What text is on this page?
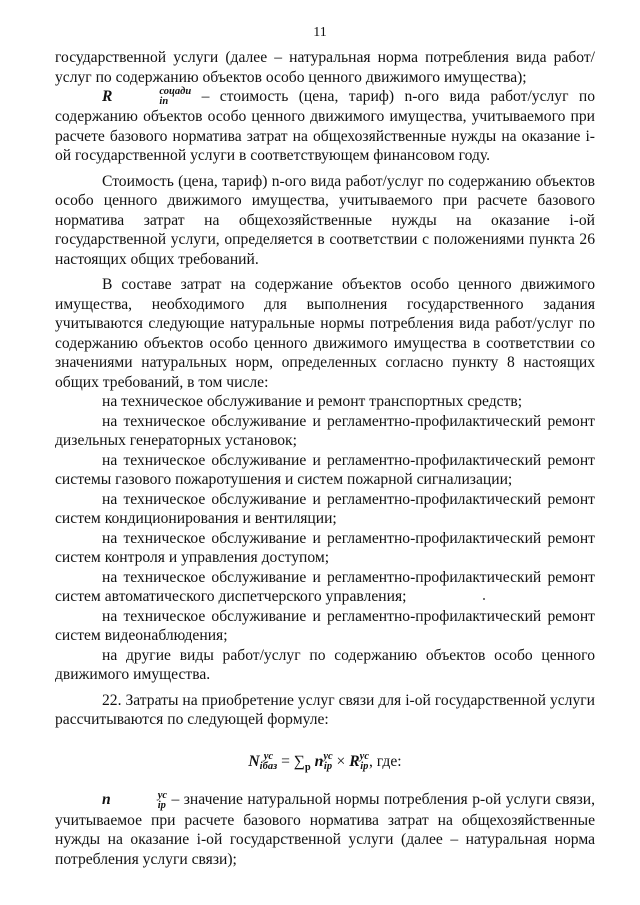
11

государственной услуги (далее – натуральная норма потребления вида работ/услуг по содержанию объектов особо ценного движимого имущества);

R	соцади
in	– стоимость (цена, тариф) n-ого вида работ/услуг по содержанию объектов особо ценного движимого имущества, учитываемого при расчете базового норматива затрат на общехозяйственные нужды на оказание i-ой государственной услуги в соответствующем финансовом году.

Стоимость (цена, тариф) n-ого вида работ/услуг по содержанию объектов особо ценного движимого имущества, учитываемого при расчете базового норматива затрат на общехозяйственные нужды на оказание i-ой государственной услуги, определяется в соответствии с положениями пункта 26 настоящих общих требований.

В составе затрат на содержание объектов особо ценного движимого имущества, необходимого для выполнения государственного задания учитываются следующие натуральные нормы потребления вида работ/услуг по содержанию объектов особо ценного движимого имущества в соответствии со значениями натуральных норм, определенных согласно пункту 8 настоящих общих требований, в том числе:

на техническое обслуживание и ремонт транспортных средств;

на техническое обслуживание и регламентно-профилактический ремонт дизельных генераторных установок;

на техническое обслуживание и регламентно-профилактический ремонт системы газового пожаротушения и систем пожарной сигнализации;

на техническое обслуживание и регламентно-профилактический ремонт систем кондиционирования и вентиляции;

на техническое обслуживание и регламентно-профилактический ремонт систем контроля и управления доступом;

на техническое обслуживание и регламентно-профилактический ремонт систем автоматического диспетчерского управления;

на техническое обслуживание и регламентно-профилактический ремонт систем видеонаблюдения;

на другие виды работ/услуг по содержанию объектов особо ценного движимого имущества.

22. Затраты на приобретение услуг связи для i-ой государственной услуги рассчитываются по следующей формуле:

N ус
iбаз = $\sum_p$ n ус
ip × R ус
ip , где:

n	ус
ip – значение натуральной нормы потребления p-ой услуги связи, учитываемое при расчете базового норматива затрат на общехозяйственные нужды на оказание i-ой государственной услуги (далее – натуральная норма потребления услуги связи);
